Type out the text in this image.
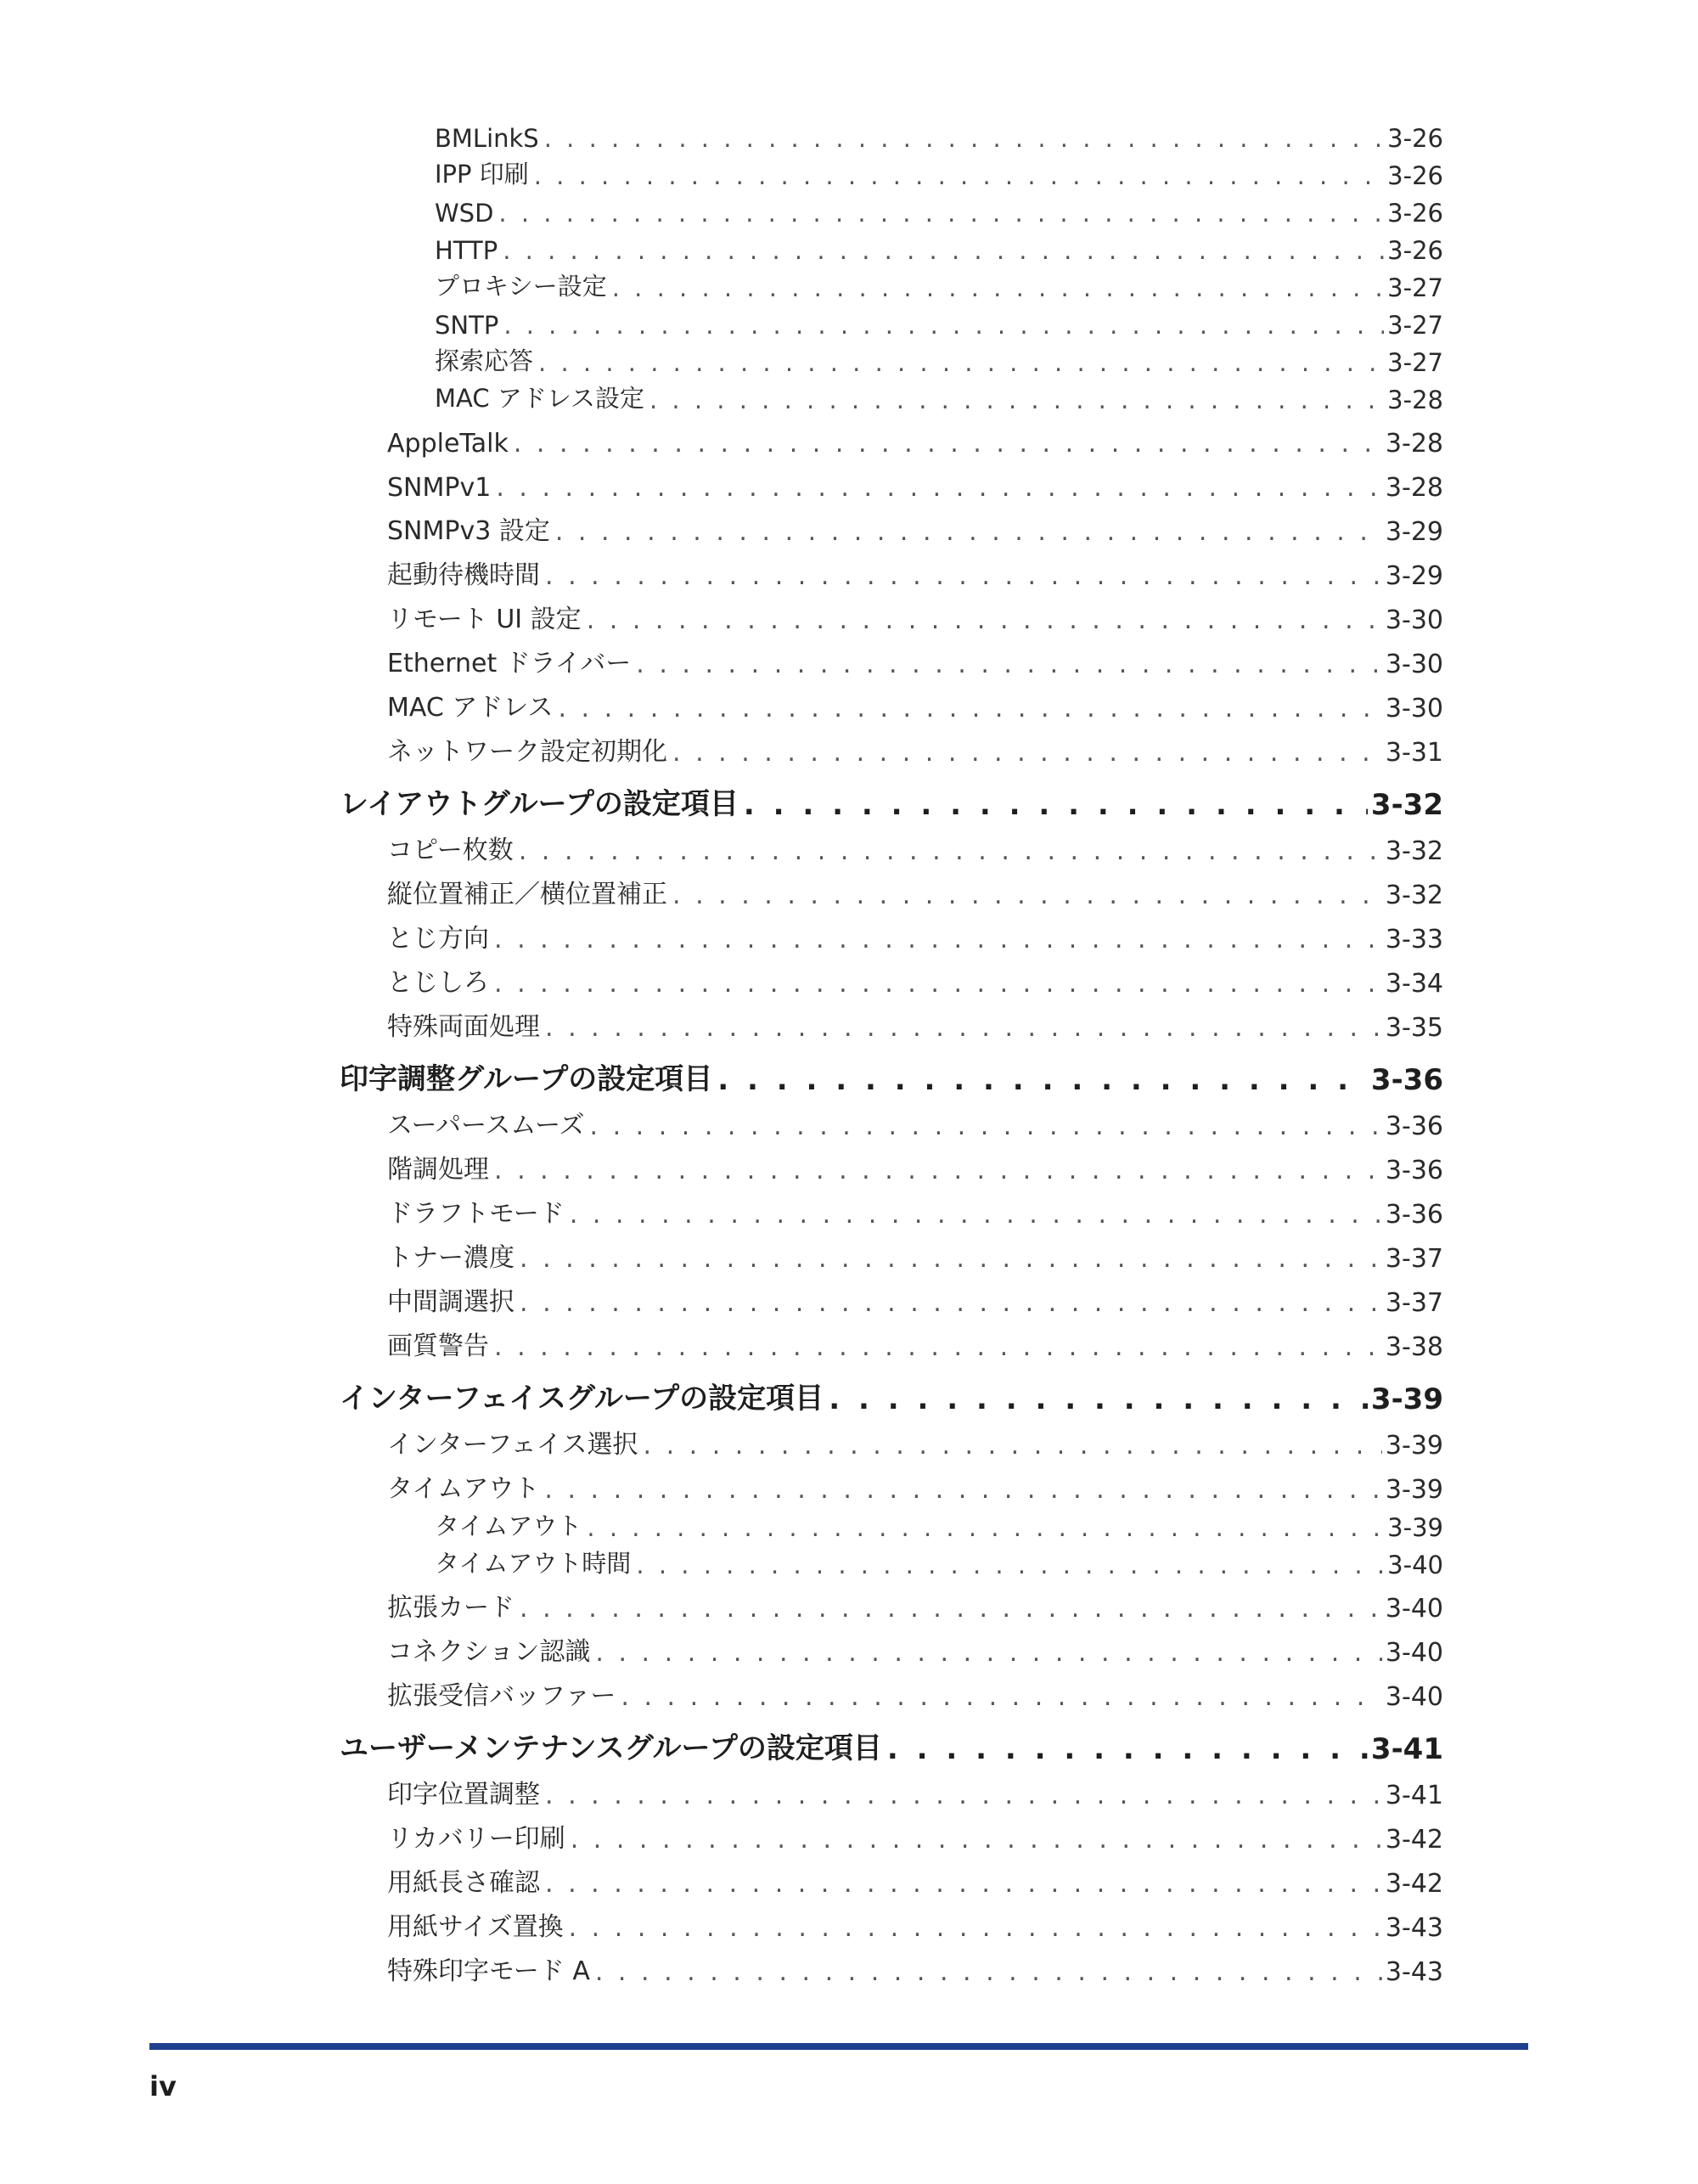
BMLinkS . . .	3-26
IPP 印刷 . . .	3-26
WSD . . .	3-26
HTTP . . .	3-26
プロキシー設定 . . .	3-27
SNTP . . .	3-27
探索応答 . . .	3-27
MAC アドレス設定 . . .	3-28
AppleTalk . . .	3-28
SNMPv1 . . .	3-28
SNMPv3 設定 . . .	3-29
起動待機時間 . . .	3-29
リモート UI 設定 . . .	3-30
Ethernet ドライバー . . .	3-30
MAC アドレス . . .	3-30
ネットワーク設定初期化 . . .	3-31
レイアウトグループの設定項目 . . .	3-32
コピー枚数 . . .	3-32
縦位置補正／横位置補正 . . .	3-32
とじ方向 . . .	3-33
とじしろ . . .	3-34
特殊両面処理 . . .	3-35
印字調整グループの設定項目 . . .	3-36
スーパースムーズ . . .	3-36
階調処理 . . .	3-36
ドラフトモード . . .	3-36
トナー濃度 . . .	3-37
中間調選択 . . .	3-37
画質警告 . . .	3-38
インターフェイスグループの設定項目 . . .	3-39
インターフェイス選択 . . .	3-39
タイムアウト . . .	3-39
タイムアウト . . .	3-39
タイムアウト時間 . . .	3-40
拡張カード . . .	3-40
コネクション認識 . . .	3-40
拡張受信バッファー . . .	3-40
ユーザーメンテナンスグループの設定項目 . . .	3-41
印字位置調整 . . .	3-41
リカバリー印刷 . . .	3-42
用紙長さ確認 . . .	3-42
用紙サイズ置換 . . .	3-43
特殊印字モード A . . .	3-43
iv
